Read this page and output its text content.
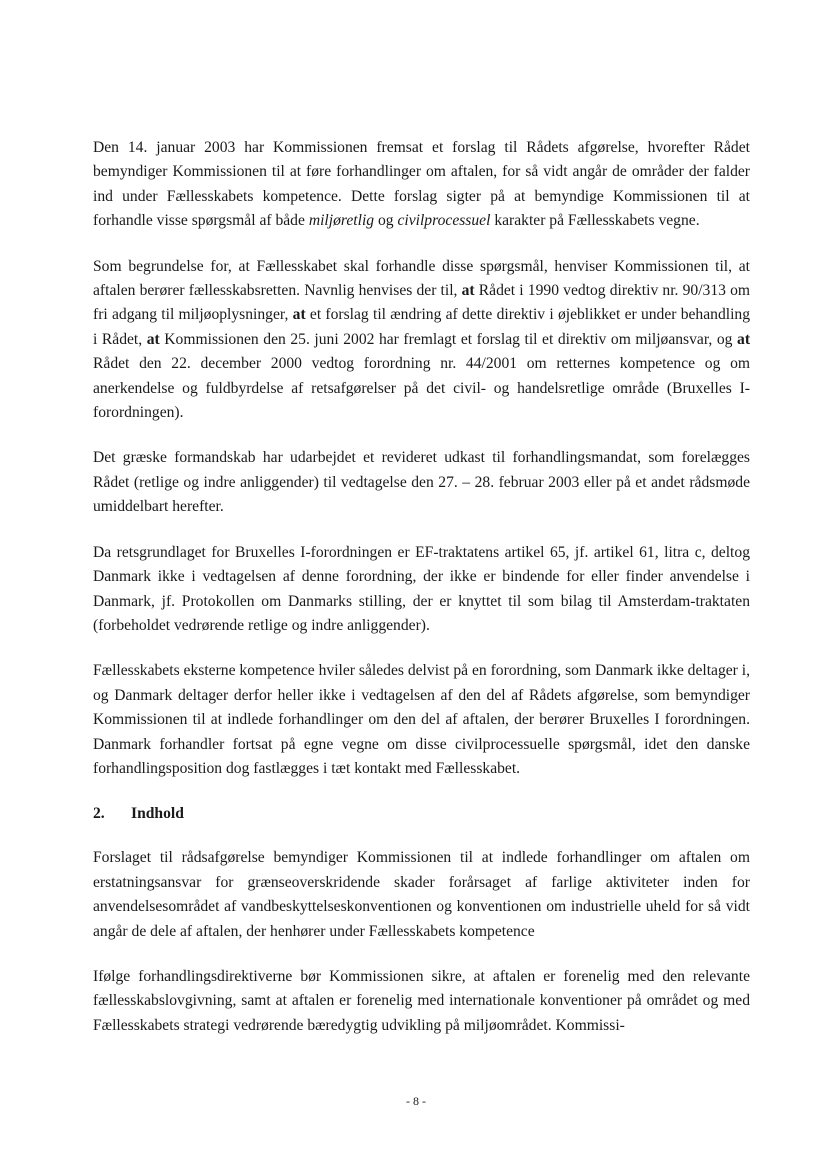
Den 14. januar 2003 har Kommissionen fremsat et forslag til Rådets afgørelse, hvorefter Rådet bemyndiger Kommissionen til at føre forhandlinger om aftalen, for så vidt angår de områder der falder ind under Fællesskabets kompetence. Dette forslag sigter på at bemyndige Kommissionen til at forhandle visse spørgsmål af både miljøretlig og civilprocessuel karakter på Fællesskabets vegne.

Som begrundelse for, at Fællesskabet skal forhandle disse spørgsmål, henviser Kommissionen til, at aftalen berører fællesskabsretten. Navnlig henvises der til, at Rådet i 1990 vedtog direktiv nr. 90/313 om fri adgang til miljøoplysninger, at et forslag til ændring af dette direktiv i øjeblikket er under behandling i Rådet, at Kommissionen den 25. juni 2002 har fremlagt et forslag til et direktiv om miljøansvar, og at Rådet den 22. december 2000 vedtog forordning nr. 44/2001 om retternes kompetence og om anerkendelse og fuldbyrdelse af retsafgørelser på det civil- og handelsretlige område (Bruxelles I-forordningen).

Det græske formandskab har udarbejdet et revideret udkast til forhandlingsmandat, som forelægges Rådet (retlige og indre anliggender) til vedtagelse den 27. – 28. februar 2003 eller på et andet rådsmøde umiddelbart herefter.

Da retsgrundlaget for Bruxelles I-forordningen er EF-traktatens artikel 65, jf. artikel 61, litra c, deltog Danmark ikke i vedtagelsen af denne forordning, der ikke er bindende for eller finder anvendelse i Danmark, jf. Protokollen om Danmarks stilling, der er knyttet til som bilag til Amsterdam-traktaten (forbeholdet vedrørende retlige og indre anliggender).

Fællesskabets eksterne kompetence hviler således delvist på en forordning, som Danmark ikke deltager i, og Danmark deltager derfor heller ikke i vedtagelsen af den del af Rådets afgørelse, som bemyndiger Kommissionen til at indlede forhandlinger om den del af aftalen, der berører Bruxelles I forordningen. Danmark forhandler fortsat på egne vegne om disse civilprocessuelle spørgsmål, idet den danske forhandlingsposition dog fastlægges i tæt kontakt med Fællesskabet.

2. Indhold

Forslaget til rådsafgørelse bemyndiger Kommissionen til at indlede forhandlinger om aftalen om erstatningsansvar for grænseoverskridende skader forårsaget af farlige aktiviteter inden for anvendelsesområdet af vandbeskyttelseskonventionen og konventionen om industrielle uheld for så vidt angår de dele af aftalen, der henhører under Fællesskabets kompetence

Ifølge forhandlingsdirektiverne bør Kommissionen sikre, at aftalen er forenelig med den relevante fællesskabslovgivning, samt at aftalen er forenelig med internationale konventioner på området og med Fællesskabets strategi vedrørende bæredygtig udvikling på miljøområdet. Kommissi-

- 8 -
